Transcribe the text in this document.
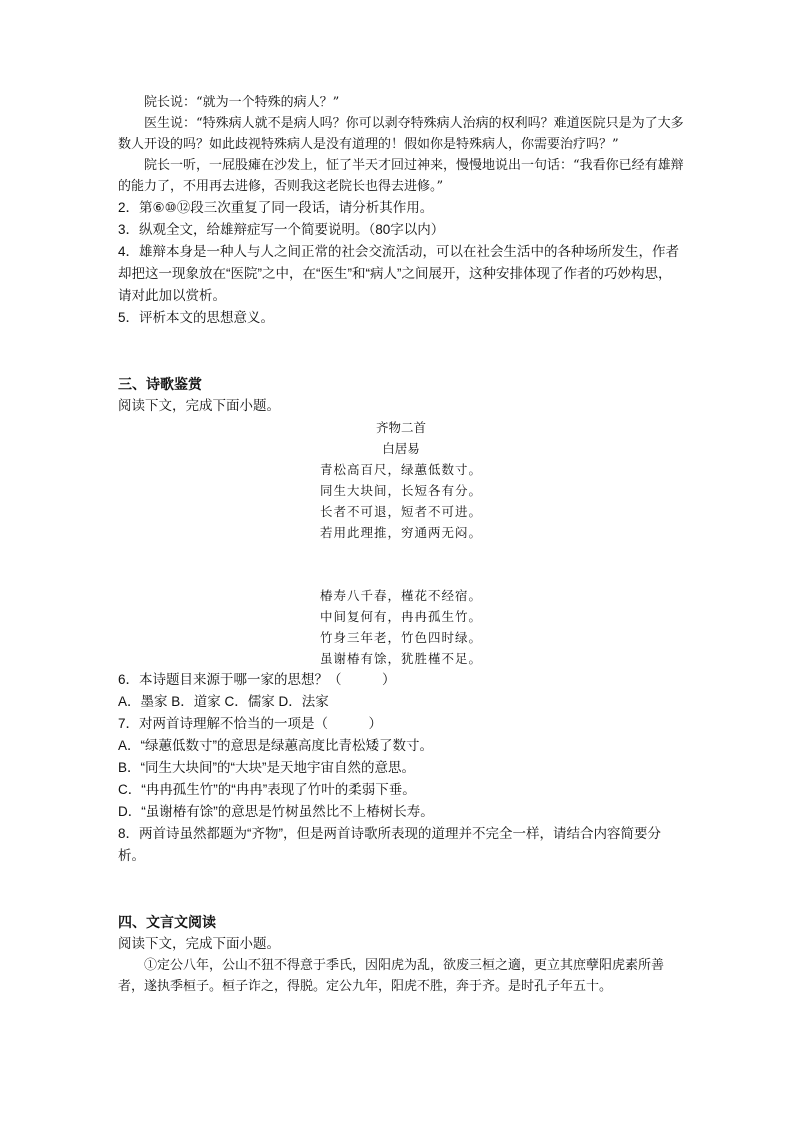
院长说：“就为一个特殊的病人？”

医生说：“特殊病人就不是病人吗？你可以剥夺特殊病人治病的权利吗？难道医院只是为了大多数人开设的吗？如此歧视特殊病人是没有道理的！假如你是特殊病人，你需要治疗吗？”

院长一听，一屁股瘫在沙发上，怔了半天才回过神来，慢慢地说出一句话：“我看你已经有雄辩的能力了，不用再去进修，否则我这老院长也得去进修。”

2．第⑥⑩⑫段三次重复了同一段话，请分析其作用。

3．纵观全文，给雄辩症写一个简要说明。（80字以内）

4．雄辩本身是一种人与人之间正常的社会交流活动，可以在社会生活中的各种场所发生，作者却把这一现象放在“医院”之中，在“医生”和“病人”之间展开，这种安排体现了作者的巧妙构思，请对此加以赏析。

5．评析本文的思想意义。

三、诗歌鉴赏

阅读下文，完成下面小题。

齐物二首

白居易

青松高百尺，绿蕙低数寸。

同生大块间，长短各有分。

长者不可退，短者不可进。

若用此理推，穷通两无闷。

椿寿八千春，槿花不经宿。

中间复何有，冉冉孤生竹。

竹身三年老，竹色四时绿。

虽谢椿有馀，犹胜槿不足。

6．本诗题目来源于哪一家的思想？（　　　）

A．墨家 B．道家 C．儒家 D．法家

7．对两首诗理解不恰当的一项是（　　　）

A．“绿蕙低数寸”的意思是绿蕙高度比青松矮了数寸。

B．“同生大块间”的“大块”是天地宇宙自然的意思。

C．“冉冉孤生竹”的“冉冉”表现了竹叶的柔弱下垂。

D．“虽谢椿有馀”的意思是竹树虽然比不上椿树长寿。

8．两首诗虽然都题为“齐物”，但是两首诗歌所表现的道理并不完全一样，请结合内容简要分析。

四、文言文阅读

阅读下文，完成下面小题。

①定公八年，公山不狃不得意于季氏，因阳虎为乱，欲废三桓之適，更立其庶孽阳虎素所善者，遂执季桓子。桓子诈之，得脱。定公九年，阳虎不胜，奔于齐。是时孔子年五十。
